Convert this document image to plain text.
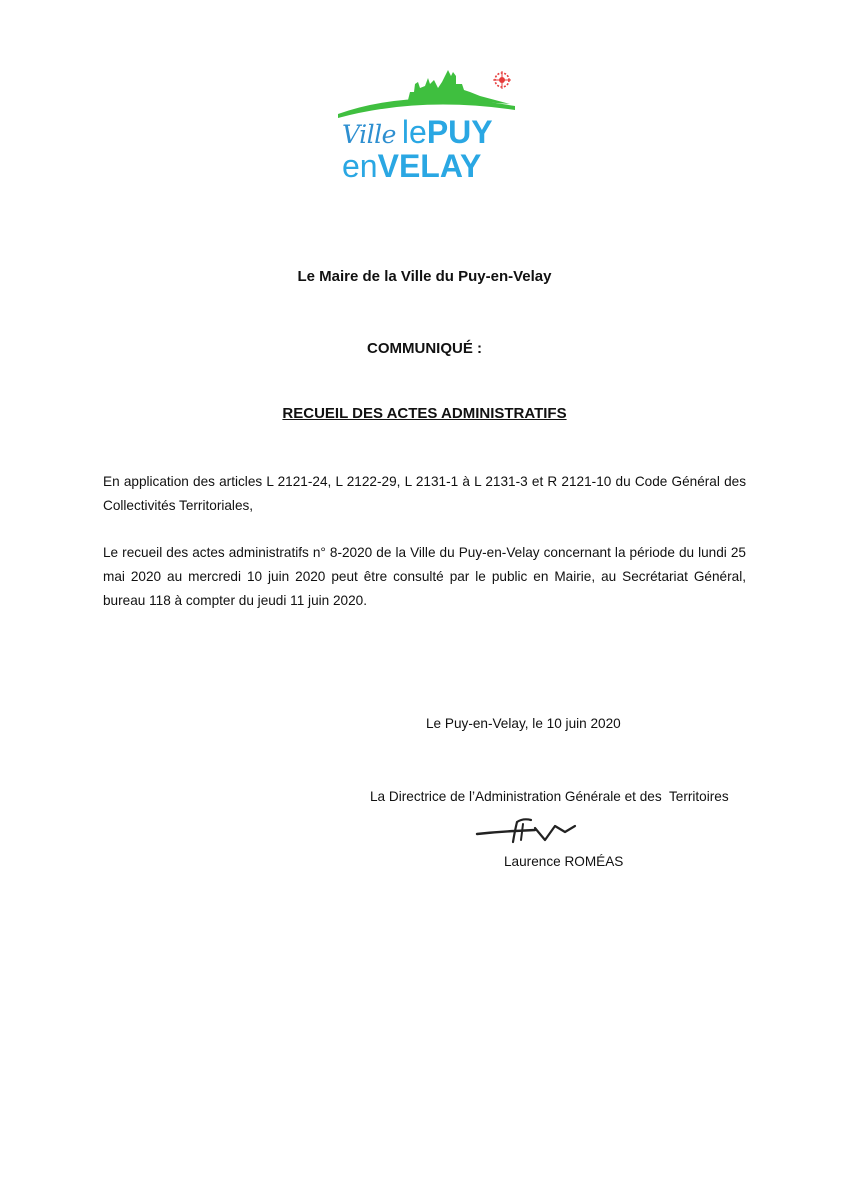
Ville lePUY
enVELAY
Le Maire de la Ville du Puy-en-Velay
COMMUNIQUÉ :
RECUEIL DES ACTES ADMINISTRATIFS
En application des articles L 2121-24, L 2122-29, L 2131-1 à L 2131-3 et R 2121-10 du Code Général des Collectivités Territoriales,
Le recueil des actes administratifs n° 8-2020 de la Ville du Puy-en-Velay concernant la période du lundi 25 mai 2020 au mercredi 10 juin 2020 peut être consulté par le public en Mairie, au Secrétariat Général, bureau 118 à compter du jeudi 11 juin 2020.
Le Puy-en-Velay, le 10 juin 2020
La Directrice de l’Administration Générale et des  Territoires
Laurence ROMÉAS
